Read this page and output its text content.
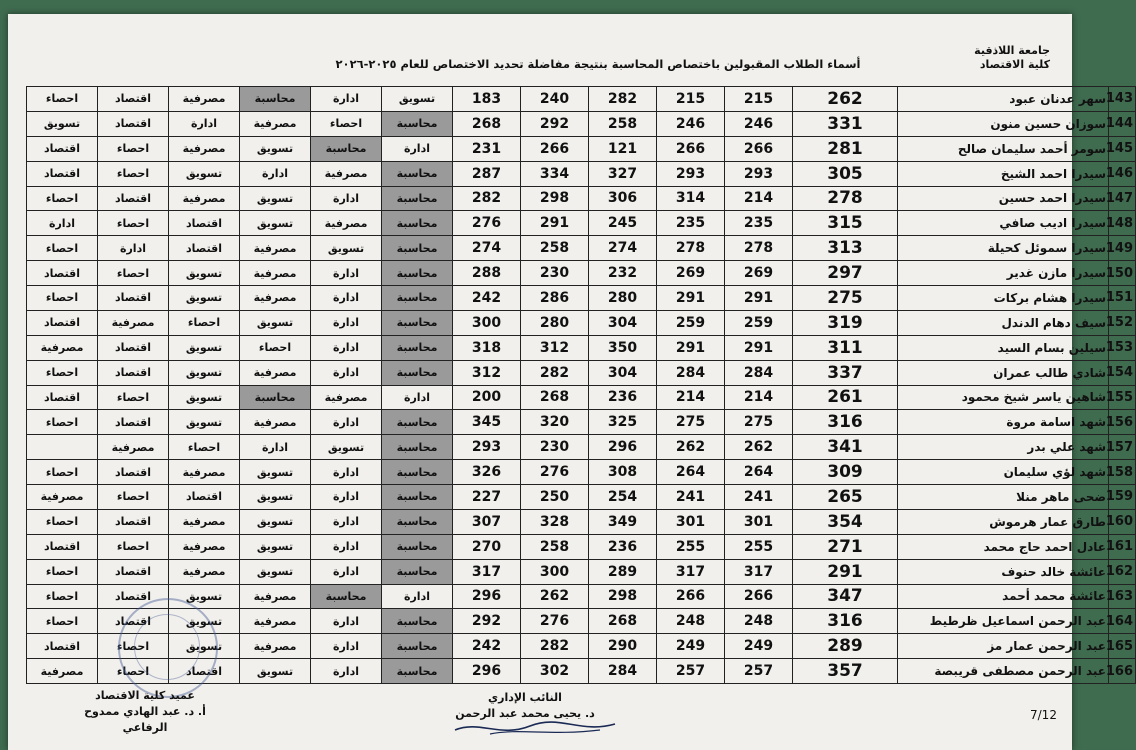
جامعة اللاذقية
كلية الاقتصاد
أسماء الطلاب المقبولين باختصاص المحاسبة بنتيجة مفاضلة تحديد الاختصاص للعام ٢٠٢٥-٢٠٢٦
143	سهر عدنان عبود	262	215	215	282	240	183	تسويق	ادارة	محاسبة	مصرفية	اقتصاد	احصاء
144	سوزان حسين منون	331	246	246	258	292	268	محاسبة	احصاء	مصرفية	ادارة	اقتصاد	تسويق
145	سومر أحمد سليمان صالح	281	266	266	121	266	231	ادارة	محاسبة	تسويق	مصرفية	احصاء	اقتصاد
146	سيدرا احمد الشيخ	305	293	293	327	334	287	محاسبة	مصرفية	ادارة	تسويق	احصاء	اقتصاد
147	سيدرا احمد حسين	278	214	314	306	298	282	محاسبة	ادارة	تسويق	مصرفية	اقتصاد	احصاء
148	سيدرا اديب صافي	315	235	235	245	291	276	محاسبة	مصرفية	تسويق	اقتصاد	احصاء	ادارة
149	سيدرا سموئل كحيلة	313	278	278	274	258	274	محاسبة	تسويق	مصرفية	اقتصاد	ادارة	احصاء
150	سيدرا مازن غدير	297	269	269	232	230	288	محاسبة	ادارة	مصرفية	تسويق	احصاء	اقتصاد
151	سيدرا هشام بركات	275	291	291	280	286	242	محاسبة	ادارة	مصرفية	تسويق	اقتصاد	احصاء
152	سيف دهام الدندل	319	259	259	304	280	300	محاسبة	ادارة	تسويق	احصاء	مصرفية	اقتصاد
153	سيلين بسام السيد	311	291	291	350	312	318	محاسبة	ادارة	احصاء	تسويق	اقتصاد	مصرفية
154	شادي طالب عمران	337	284	284	304	282	312	محاسبة	ادارة	مصرفية	تسويق	اقتصاد	احصاء
155	شاهين ياسر شيخ محمود	261	214	214	236	268	200	ادارة	مصرفية	محاسبة	تسويق	احصاء	اقتصاد
156	شهد اسامة مروة	316	275	275	325	320	345	محاسبة	ادارة	مصرفية	تسويق	اقتصاد	احصاء
157	شهد علي بدر	341	262	262	296	230	293	محاسبة	تسويق	ادارة	احصاء	مصرفية	
158	شهد لؤي سليمان	309	264	264	308	276	326	محاسبة	ادارة	تسويق	مصرفية	اقتصاد	احصاء
159	ضحى ماهر منلا	265	241	241	254	250	227	محاسبة	ادارة	تسويق	اقتصاد	احصاء	مصرفية
160	طارق عمار هرموش	354	301	301	349	328	307	محاسبة	ادارة	تسويق	مصرفية	اقتصاد	احصاء
161	عادل احمد حاج محمد	271	255	255	236	258	270	محاسبة	ادارة	تسويق	مصرفية	احصاء	اقتصاد
162	عائشة خالد حنوف	291	317	317	289	300	317	محاسبة	ادارة	تسويق	مصرفية	اقتصاد	احصاء
163	عائشة محمد أحمد	347	266	266	298	262	296	ادارة	محاسبة	مصرفية	تسويق	اقتصاد	احصاء
164	عبد الرحمن اسماعيل ظرطيط	316	248	248	268	276	292	محاسبة	ادارة	مصرفية	تسويق	اقتصاد	احصاء
165	عبد الرحمن عمار مز	289	249	249	290	282	242	محاسبة	ادارة	مصرفية	تسويق	احصاء	اقتصاد
166	عبد الرحمن مصطفى قريبصة	357	257	257	284	302	296	محاسبة	ادارة	تسويق	اقتصاد	احصاء	مصرفية
عميد كلية الاقتصاد
أ. د. عبد الهادي ممدوح الرفاعي
النائب الإداري
د. يحيى محمد عبد الرحمن	7/12
